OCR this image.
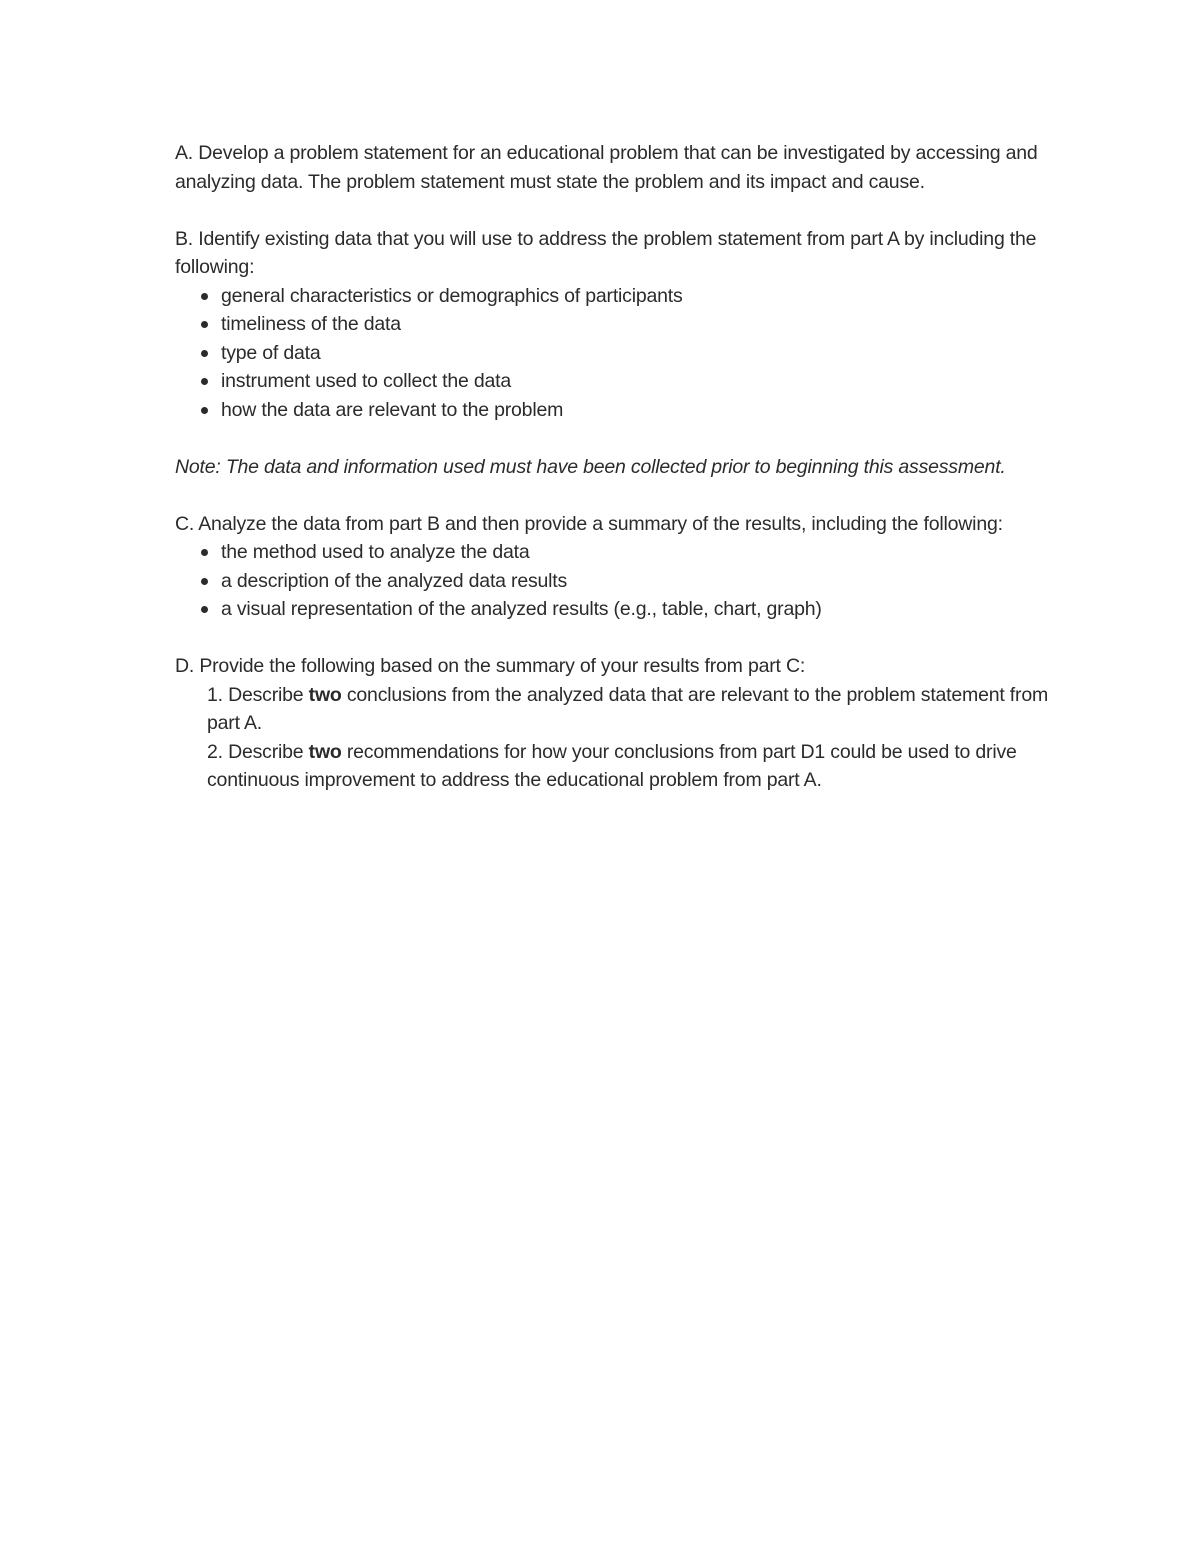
A. Develop a problem statement for an educational problem that can be investigated by accessing and analyzing data. The problem statement must state the problem and its impact and cause.

B. Identify existing data that you will use to address the problem statement from part A by including the following:

general characteristics or demographics of participants
timeliness of the data
type of data
instrument used to collect the data
how the data are relevant to the problem

Note: The data and information used must have been collected prior to beginning this assessment.

C. Analyze the data from part B and then provide a summary of the results, including the following:

the method used to analyze the data
a description of the analyzed data results
a visual representation of the analyzed results (e.g., table, chart, graph)

D. Provide the following based on the summary of your results from part C:

1. Describe two conclusions from the analyzed data that are relevant to the problem statement from part A.

2. Describe two recommendations for how your conclusions from part D1 could be used to drive continuous improvement to address the educational problem from part A.
